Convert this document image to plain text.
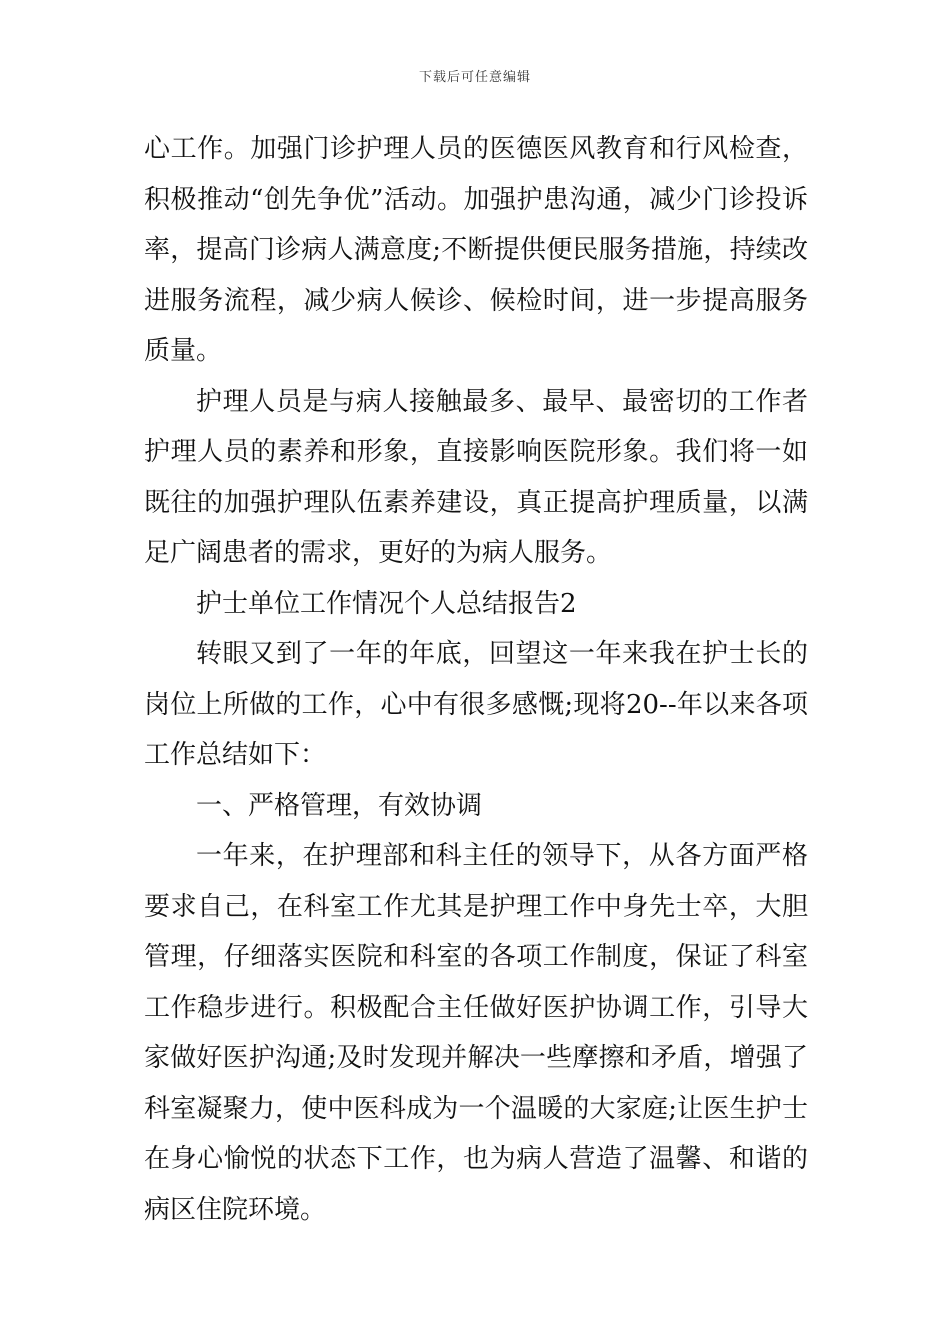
下载后可任意编辑

心工作。加强门诊护理人员的医德医风教育和行风检查，积极推动“创先争优”活动。加强护患沟通，减少门诊投诉率，提高门诊病人满意度;不断提供便民服务措施，持续改进服务流程，减少病人候诊、候检时间，进一步提高服务质量。

护理人员是与病人接触最多、最早、最密切的工作者护理人员的素养和形象，直接影响医院形象。我们将一如既往的加强护理队伍素养建设，真正提高护理质量，以满足广阔患者的需求，更好的为病人服务。

护士单位工作情况个人总结报告2

转眼又到了一年的年底，回望这一年来我在护士长的岗位上所做的工作，心中有很多感慨;现将20--年以来各项工作总结如下：

一、严格管理，有效协调

一年来，在护理部和科主任的领导下，从各方面严格要求自己，在科室工作尤其是护理工作中身先士卒，大胆管理，仔细落实医院和科室的各项工作制度，保证了科室工作稳步进行。积极配合主任做好医护协调工作，引导大家做好医护沟通;及时发现并解决一些摩擦和矛盾，增强了科室凝聚力，使中医科成为一个温暖的大家庭;让医生护士在身心愉悦的状态下工作，也为病人营造了温馨、和谐的病区住院环境。
